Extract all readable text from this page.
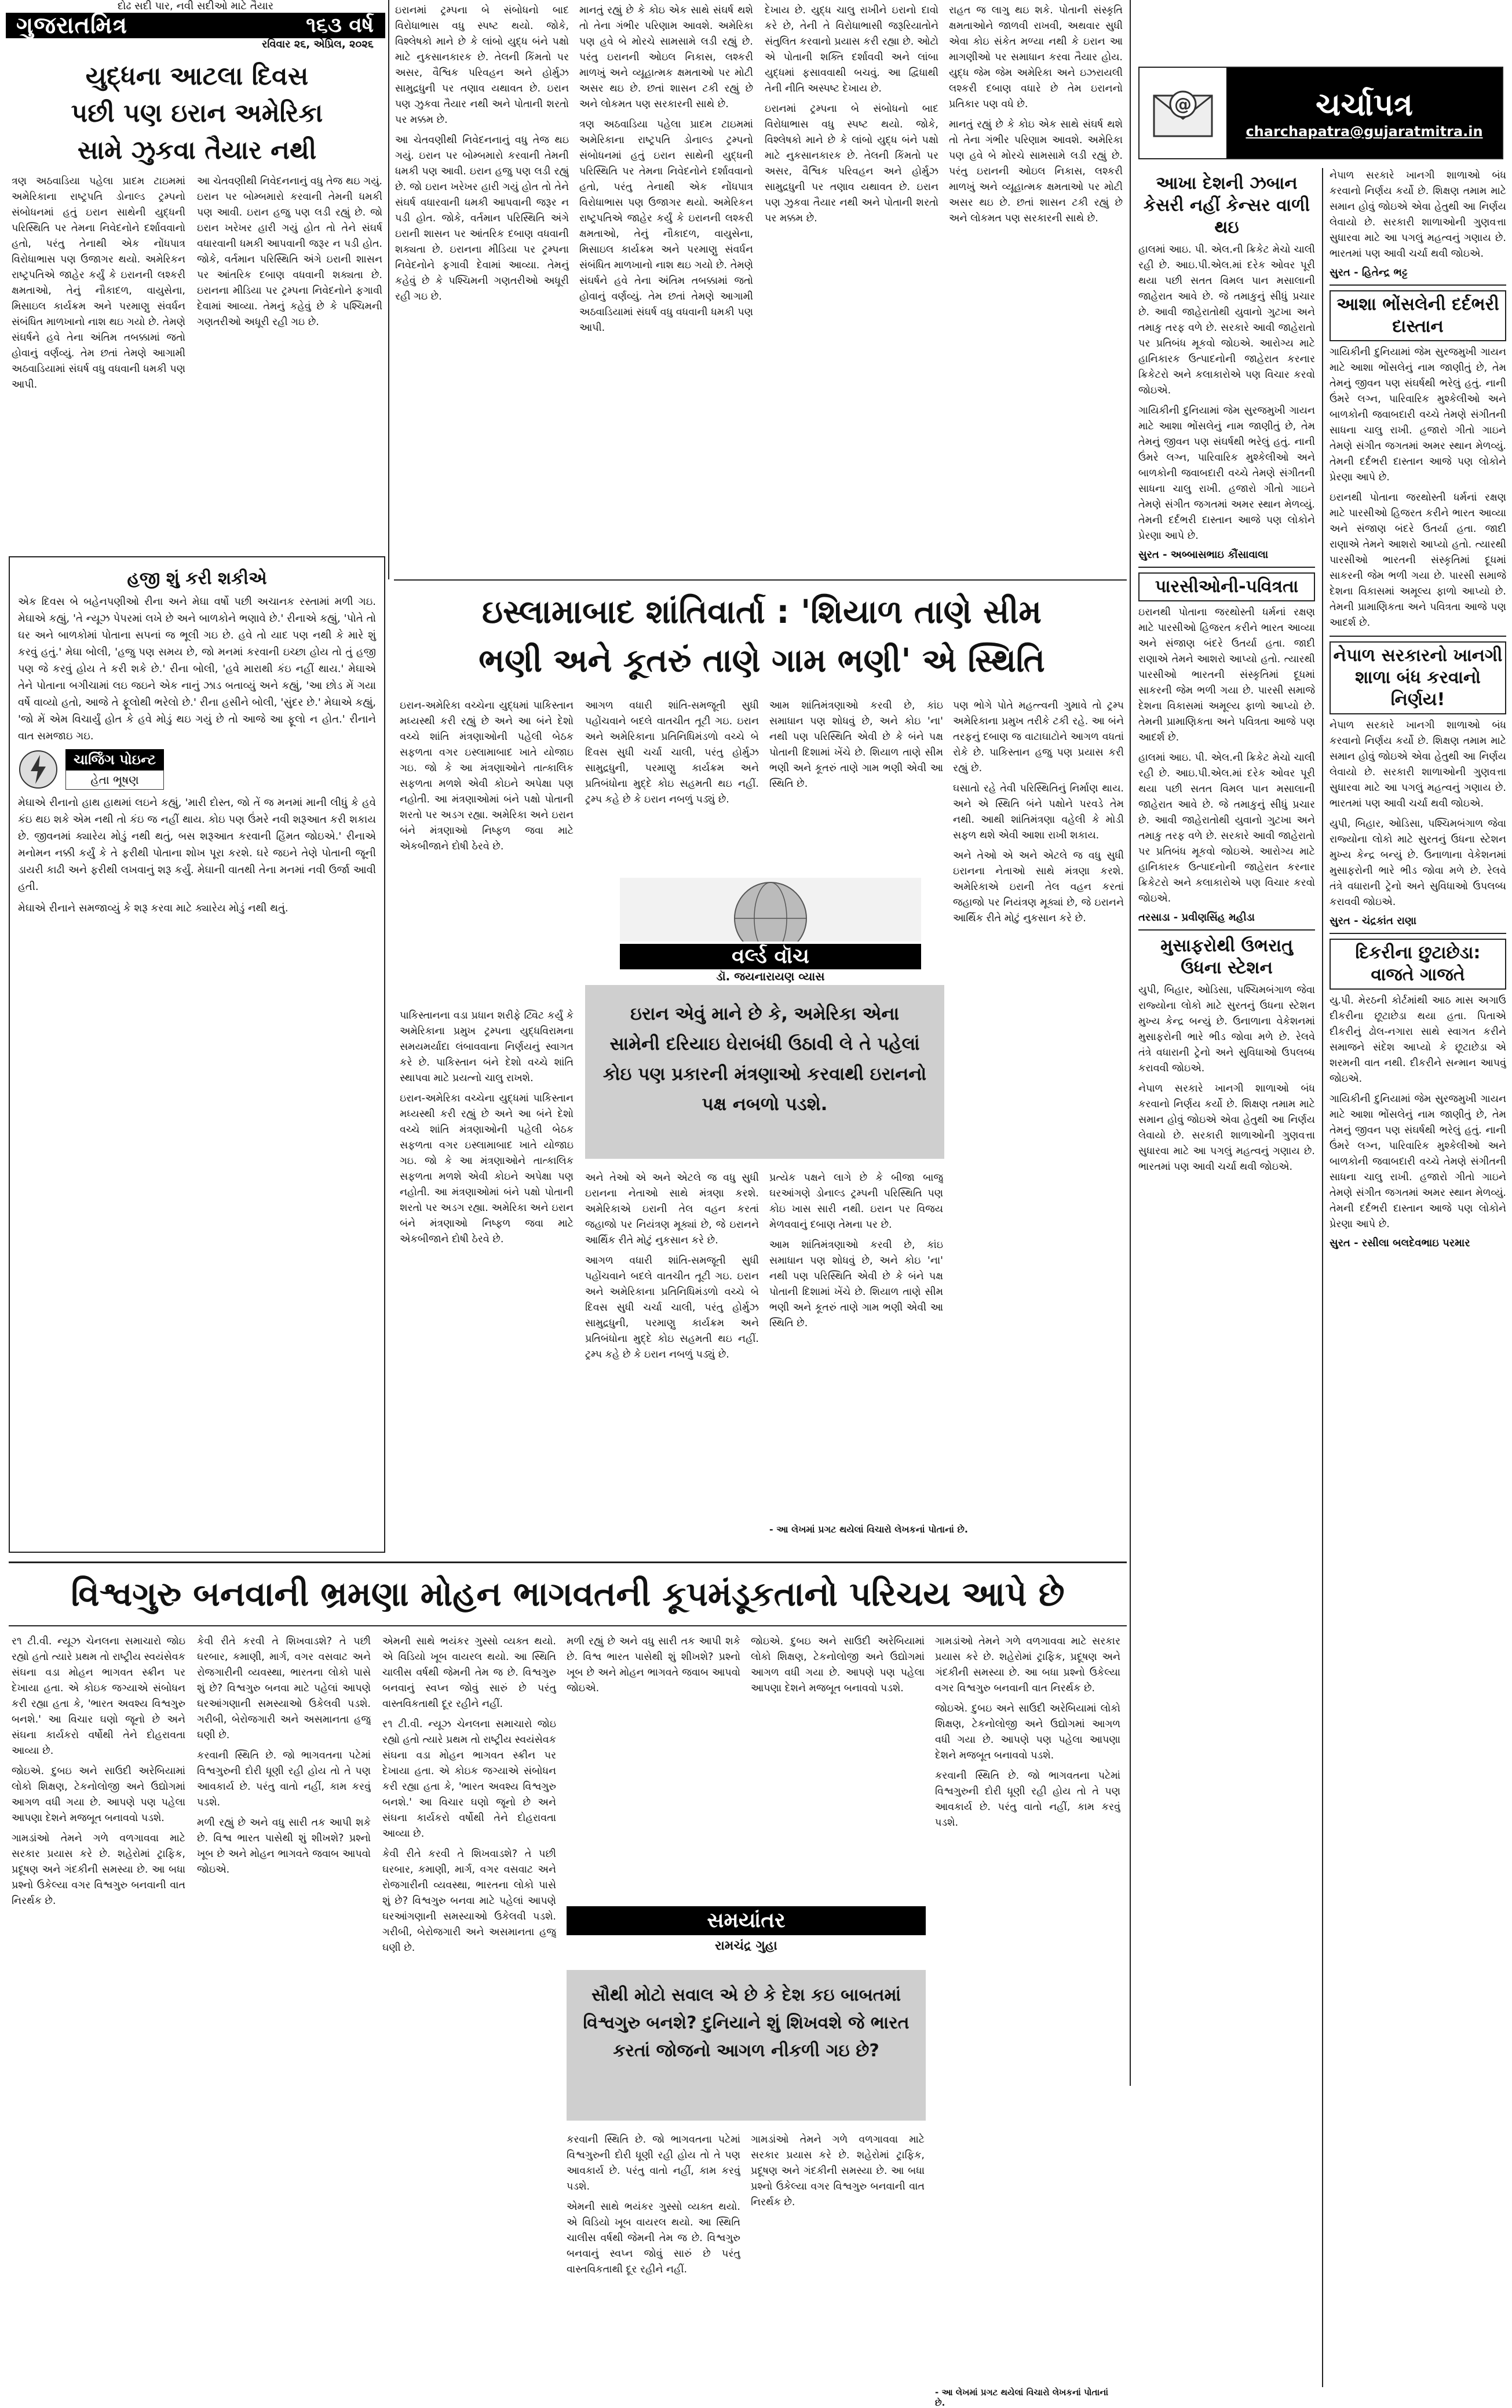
દોઢ સદી પાર, નવી સદીઓ માટે તૈયાર
ગુજરાતમિત્ર	૧૬૩ વર્ષ
રવિવાર ૨૬, એપ્રિલ, ૨૦૨૬
યુદ્ધના આટલા દિવસ
પછી પણ ઇરાન અમેરિકા
સામે ઝુકવા તૈયાર નથી

ત્રણ અઠવાડિયા પહેલા પ્રાદમ ટાઇમમાં અમેરિકાના રાષ્ટ્રપતિ ડોનાલ્ડ ટ્રમ્પનો સંબોધનમાં હતું ઇરાન સાથેની યુદ્ધની પરિસ્થિતિ પર તેમના નિવેદનોને દર્શાવવાનો હતો, પરંતુ તેનાથી એક નોંધપાત્ર વિરોધાભાસ પણ ઉજાગર થયો. અમેરિકન રાષ્ટ્રપતિએ જાહેર કર્યું કે ઇરાનની લશ્કરી ક્ષમતાઓ, તેનું નૌકાદળ, વાયુસેના, મિસાઇલ કાર્યક્રમ અને પરમાણુ સંવર્ધન સંબંધિત માળખાનો નાશ થઇ ગયો છે. તેમણે સંઘર્ષને હવે તેના અંતિમ તબક્કામાં જતો હોવાનું વર્ણવ્યું. તેમ છતાં તેમણે આગામી અઠવાડિયામાં સંઘર્ષ વધુ વધવાની ધમકી પણ આપી.

આ ચેતવણીથી નિવેદનનાનું વધુ તેજ થઇ ગયું. ઇરાન પર બોમ્બમારો કરવાની તેમની ધમકી પણ આવી. ઇરાન હજુ પણ લડી રહ્યું છે. જો ઇરાન ખરેખર હારી ગયું હોત તો તેને સંઘર્ષ વધારવાની ધમકી આપવાની જરૂર ન પડી હોત. જોકે, વર્તમાન પરિસ્થિતિ અંગે ઇરાની શાસન પર આંતરિક દબાણ વધવાની શક્યતા છે. ઇરાનના મીડિયા પર ટ્રમ્પના નિવેદનોને ફગાવી દેવામાં આવ્યા. તેમનું કહેવું છે કે પશ્ચિમની ગણતરીઓ અધૂરી રહી ગઇ છે.

ઇરાનમાં ટ્રમ્પના બે સંબોધનો બાદ વિરોધાભાસ વધુ સ્પષ્ટ થયો. જોકે, વિશ્લેષકો માને છે કે લાંબો યુદ્ધ બંને પક્ષો માટે નુકસાનકારક છે. તેલની કિંમતો પર અસર, વૈશ્વિક પરિવહન અને હોર્મુઝ સામુદ્રધુની પર તણાવ યથાવત છે. ઇરાન પણ ઝુકવા તૈયાર નથી અને પોતાની શરતો પર મક્કમ છે.

આ ચેતવણીથી નિવેદનનાનું વધુ તેજ થઇ ગયું. ઇરાન પર બોમ્બમારો કરવાની તેમની ધમકી પણ આવી. ઇરાન હજુ પણ લડી રહ્યું છે. જો ઇરાન ખરેખર હારી ગયું હોત તો તેને સંઘર્ષ વધારવાની ધમકી આપવાની જરૂર ન પડી હોત. જોકે, વર્તમાન પરિસ્થિતિ અંગે ઇરાની શાસન પર આંતરિક દબાણ વધવાની શક્યતા છે. ઇરાનના મીડિયા પર ટ્રમ્પના નિવેદનોને ફગાવી દેવામાં આવ્યા. તેમનું કહેવું છે કે પશ્ચિમની ગણતરીઓ અધૂરી રહી ગઇ છે.

માનતું રહ્યું છે કે કોઇ એક સાથે સંઘર્ષ થશે તો તેના ગંભીર પરિણામ આવશે. અમેરિકા પણ હવે બે મોરચે સામસામે લડી રહ્યું છે. પરંતુ ઇરાનની ઓઇલ નિકાસ, લશ્કરી માળખું અને વ્યૂહાત્મક ક્ષમતાઓ પર મોટી અસર થઇ છે. છતાં શાસન ટકી રહ્યું છે અને લોકમત પણ સરકારની સાથે છે.

ત્રણ અઠવાડિયા પહેલા પ્રાદમ ટાઇમમાં અમેરિકાના રાષ્ટ્રપતિ ડોનાલ્ડ ટ્રમ્પનો સંબોધનમાં હતું ઇરાન સાથેની યુદ્ધની પરિસ્થિતિ પર તેમના નિવેદનોને દર્શાવવાનો હતો, પરંતુ તેનાથી એક નોંધપાત્ર વિરોધાભાસ પણ ઉજાગર થયો. અમેરિકન રાષ્ટ્રપતિએ જાહેર કર્યું કે ઇરાનની લશ્કરી ક્ષમતાઓ, તેનું નૌકાદળ, વાયુસેના, મિસાઇલ કાર્યક્રમ અને પરમાણુ સંવર્ધન સંબંધિત માળખાનો નાશ થઇ ગયો છે. તેમણે સંઘર્ષને હવે તેના અંતિમ તબક્કામાં જતો હોવાનું વર્ણવ્યું. તેમ છતાં તેમણે આગામી અઠવાડિયામાં સંઘર્ષ વધુ વધવાની ધમકી પણ આપી.

દેખાય છે. યુદ્ધ ચાલુ રાખીને ઇરાનો દાવો કરે છે, તેની તે વિરોધાભાસી જરૂરિયાતોને સંતુલિત કરવાનો પ્રયાસ કરી રહ્યા છે. ઓટો એ પોતાની શક્તિ દર્શાવવી અને લાંબા યુદ્ધમાં ફસાવવાથી બચવું. આ દ્વિધાથી તેની નીતિ અસ્પષ્ટ દેખાય છે.

ઇરાનમાં ટ્રમ્પના બે સંબોધનો બાદ વિરોધાભાસ વધુ સ્પષ્ટ થયો. જોકે, વિશ્લેષકો માને છે કે લાંબો યુદ્ધ બંને પક્ષો માટે નુકસાનકારક છે. તેલની કિંમતો પર અસર, વૈશ્વિક પરિવહન અને હોર્મુઝ સામુદ્રધુની પર તણાવ યથાવત છે. ઇરાન પણ ઝુકવા તૈયાર નથી અને પોતાની શરતો પર મક્કમ છે.

રાહત જ લાગુ થઇ શકે. પોતાની સંસ્કૃતિ ક્ષમતાઓને જાળવી રાખવી, અથવાર સુધી એવા કોઇ સંકેત મળ્યા નથી કે ઇરાન આ માગણીઓ પર સમાધાન કરવા તૈયાર હોય. યુદ્ધ જેમ જેમ અમેરિકા અને ઇઝરાયલી લશ્કરી દબાણ વધારે છે તેમ ઇરાનનો પ્રતિકાર પણ વધે છે.

માનતું રહ્યું છે કે કોઇ એક સાથે સંઘર્ષ થશે તો તેના ગંભીર પરિણામ આવશે. અમેરિકા પણ હવે બે મોરચે સામસામે લડી રહ્યું છે. પરંતુ ઇરાનની ઓઇલ નિકાસ, લશ્કરી માળખું અને વ્યૂહાત્મક ક્ષમતાઓ પર મોટી અસર થઇ છે. છતાં શાસન ટકી રહ્યું છે અને લોકમત પણ સરકારની સાથે છે.

હજી શું કરી શકીએ

એક દિવસ બે બહેનપણીઓ રીના અને મેઘા વર્ષો પછી અચાનક રસ્તામાં મળી ગઇ. મેઘાએ કહ્યું, 'તે ન્યૂઝ પેપરમાં લખે છે અને બાળકોને ભણાવે છે.' રીનાએ કહ્યું, 'પોતે તો ઘર અને બાળકોમાં પોતાના સપનાં જ ભૂલી ગઇ છે. હવે તો યાદ પણ નથી કે મારે શું કરવું હતું.' મેઘા બોલી, 'હજુ પણ સમય છે, જો મનમાં કરવાની ઇચ્છા હોય તો તું હજી પણ જે કરવું હોય તે કરી શકે છે.' રીના બોલી, 'હવે મારાથી કંઇ નહીં થાય.' મેઘાએ તેને પોતાના બગીચામાં લઇ જઇને એક નાનું ઝાડ બતાવ્યું અને કહ્યું, 'આ છોડ મેં ગયા વર્ષે વાવ્યો હતો, આજે તે ફૂલોથી ભરેલો છે.' રીના હસીને બોલી, 'સુંદર છે.' મેઘાએ કહ્યું, 'જો મેં એમ વિચાર્યું હોત કે હવે મોડું થઇ ગયું છે તો આજે આ ફૂલો ન હોત.' રીનાને વાત સમજાઇ ગઇ.

ચાર્જિંગ પોઇન્ટ
હેતા ભૂષણ

મેઘાએ રીનાનો હાથ હાથમાં લઇને કહ્યું, 'મારી દોસ્ત, જો તેં જ મનમાં માની લીધું કે હવે કંઇ થઇ શકે એમ નથી તો કંઇ જ નહીં થાય. કોઇ પણ ઉંમરે નવી શરૂઆત કરી શકાય છે. જીવનમાં ક્યારેય મોડું નથી થતું, બસ શરૂઆત કરવાની હિંમત જોઇએ.' રીનાએ મનોમન નક્કી કર્યું કે તે ફરીથી પોતાના શોખ પૂરા કરશે. ઘરે જઇને તેણે પોતાની જૂની ડાયરી કાઢી અને ફરીથી લખવાનું શરૂ કર્યું. મેઘાની વાતથી તેના મનમાં નવી ઉર્જા આવી હતી.

મેઘાએ રીનાને સમજાવ્યું કે શરૂ કરવા માટે ક્યારેય મોડું નથી થતું.

ઇસ્લામાબાદ શાંતિવાર્તા : 'શિયાળ તાણે સીમ
ભણી અને કૂતરું તાણે ગામ ભણી' એ સ્થિતિ

ઇરાન-અમેરિકા વચ્ચેના યુદ્ધમાં પાકિસ્તાન મધ્યસ્થી કરી રહ્યું છે અને આ બંને દેશો વચ્ચે શાંતિ મંત્રણાઓની પહેલી બેઠક સફળતા વગર ઇસ્લામાબાદ ખાતે યોજાઇ ગઇ. જો કે આ મંત્રણાઓને તાત્કાલિક સફળતા મળશે એવી કોઇને અપેક્ષા પણ નહોતી. આ મંત્રણાઓમાં બંને પક્ષો પોતાની શરતો પર અડગ રહ્યા. અમેરિકા અને ઇરાન બંને મંત્રણાઓ નિષ્ફળ જવા માટે એકબીજાને દોષી ઠેરવે છે.

આગળ વધારી શાંતિ-સમજૂતી સુધી પહોંચવાને બદલે વાતચીત તૂટી ગઇ. ઇરાન અને અમેરિકાના પ્રતિનિધિમંડળો વચ્ચે બે દિવસ સુધી ચર્ચા ચાલી, પરંતુ હોર્મુઝ સામુદ્રધુની, પરમાણુ કાર્યક્રમ અને પ્રતિબંધોના મુદ્દે કોઇ સહમતી થઇ નહીં. ટ્રમ્પ કહે છે કે ઇરાન નબળું પડ્યું છે.

આમ શાંતિમંત્રણાઓ કરવી છે, કાંઇ સમાધાન પણ શોધવું છે, અને કોઇ 'ના' નથી પણ પરિસ્થિતિ એવી છે કે બંને પક્ષ પોતાની દિશામાં ખેંચે છે. શિયાળ તાણે સીમ ભણી અને કૂતરું તાણે ગામ ભણી એવી આ સ્થિતિ છે.

પણ ભોગે પોતે મહત્ત્વની ગુમાવે તો ટ્રમ્પ અમેરિકાના પ્રમુખ તરીકે ટકી રહે. આ બંને તરફનું દબાણ જ વાટાઘાટોને આગળ વધતાં રોકે છે. પાકિસ્તાન હજુ પણ પ્રયાસ કરી રહ્યું છે.

ઘસાતો રહે તેવી પરિસ્થિતિનું નિર્માણ થાય. અને એ સ્થિતિ બંને પક્ષોને પરવડે તેમ નથી. આથી શાંતિમંત્રણા વહેલી કે મોડી સફળ થશે એવી આશા રાખી શકાય.

અને તેઓ એ અને એટલે જ વધુ સુધી ઇરાનના નેતાઓ સાથે મંત્રણા કરશે. અમેરિકાએ ઇરાની તેલ વહન કરતાં જહાજો પર નિયંત્રણ મૂક્યાં છે, જે ઇરાનને આર્થિક રીતે મોટું નુકસાન કરે છે.

વર્લ્ડ વૉચ
ડૉ. જયનારાયણ વ્યાસ
ઇરાન એવું માને છે કે, અમેરિકા એના સામેની દરિયાઇ ઘેરાબંધી ઉઠાવી લે તે પહેલાં કોઇ પણ પ્રકારની મંત્રણાઓ કરવાથી ઇરાનનો પક્ષ નબળો પડશે.

પાકિસ્તાનના વડા પ્રધાન શરીફે ટ્વિટ કર્યું કે અમેરિકાના પ્રમુખ ટ્રમ્પના યુદ્ધવિરામના સમયમર્યાદા લંબાવવાના નિર્ણયનું સ્વાગત કરે છે. પાકિસ્તાન બંને દેશો વચ્ચે શાંતિ સ્થાપવા માટે પ્રયત્નો ચાલુ રાખશે.

ઇરાન-અમેરિકા વચ્ચેના યુદ્ધમાં પાકિસ્તાન મધ્યસ્થી કરી રહ્યું છે અને આ બંને દેશો વચ્ચે શાંતિ મંત્રણાઓની પહેલી બેઠક સફળતા વગર ઇસ્લામાબાદ ખાતે યોજાઇ ગઇ. જો કે આ મંત્રણાઓને તાત્કાલિક સફળતા મળશે એવી કોઇને અપેક્ષા પણ નહોતી. આ મંત્રણાઓમાં બંને પક્ષો પોતાની શરતો પર અડગ રહ્યા. અમેરિકા અને ઇરાન બંને મંત્રણાઓ નિષ્ફળ જવા માટે એકબીજાને દોષી ઠેરવે છે.

અને તેઓ એ અને એટલે જ વધુ સુધી ઇરાનના નેતાઓ સાથે મંત્રણા કરશે. અમેરિકાએ ઇરાની તેલ વહન કરતાં જહાજો પર નિયંત્રણ મૂક્યાં છે, જે ઇરાનને આર્થિક રીતે મોટું નુકસાન કરે છે.

આગળ વધારી શાંતિ-સમજૂતી સુધી પહોંચવાને બદલે વાતચીત તૂટી ગઇ. ઇરાન અને અમેરિકાના પ્રતિનિધિમંડળો વચ્ચે બે દિવસ સુધી ચર્ચા ચાલી, પરંતુ હોર્મુઝ સામુદ્રધુની, પરમાણુ કાર્યક્રમ અને પ્રતિબંધોના મુદ્દે કોઇ સહમતી થઇ નહીં. ટ્રમ્પ કહે છે કે ઇરાન નબળું પડ્યું છે.

પ્રત્યેક પક્ષને લાગે છે કે બીજા બાજુ ઘરઆંગણે ડોનાલ્ડ ટ્રમ્પની પરિસ્થિતિ પણ કોઇ ખાસ સારી નથી. ઇરાન પર વિજય મેળવવાનું દબાણ તેમના પર છે.

આમ શાંતિમંત્રણાઓ કરવી છે, કાંઇ સમાધાન પણ શોધવું છે, અને કોઇ 'ના' નથી પણ પરિસ્થિતિ એવી છે કે બંને પક્ષ પોતાની દિશામાં ખેંચે છે. શિયાળ તાણે સીમ ભણી અને કૂતરું તાણે ગામ ભણી એવી આ સ્થિતિ છે.

- આ લેખમાં પ્રગટ થયેલાં વિચારો લેખકનાં પોતાનાં છે.
વિશ્વગુરુ બનવાની ભ્રમણા મોહન ભાગવતની કૂપમંડૂકતાનો પરિચય આપે છે

ર૧ ટી.વી. ન્યૂઝ ચેનલના સમાચારો જોઇ રહ્યો હતો ત્યારે પ્રથમ તો રાષ્ટ્રીય સ્વયંસેવક સંઘના વડા મોહન ભાગવત સ્ક્રીન પર દેખાયા હતા. એ કોઇક જગ્યાએ સંબોધન કરી રહ્યા હતા કે, 'ભારત અવશ્ય વિશ્વગુરુ બનશે.' આ વિચાર ઘણો જૂનો છે અને સંઘના કાર્યકરો વર્ષોથી તેને દોહરાવતા આવ્યા છે.

જોઇએ. દુબઇ અને સાઉદી અરેબિયામાં લોકો શિક્ષણ, ટેકનોલોજી અને ઉદ્યોગમાં આગળ વધી ગયા છે. આપણે પણ પહેલા આપણા દેશને મજબૂત બનાવવો પડશે.

ગામડાંઓ તેમને ગળે વળગાવવા માટે સરકાર પ્રયાસ કરે છે. શહેરોમાં ટ્રાફિક, પ્રદૂષણ અને ગંદકીની સમસ્યા છે. આ બધા પ્રશ્નો ઉકેલ્યા વગર વિશ્વગુરુ બનવાની વાત નિરર્થક છે.

કેવી રીતે કરવી તે શિખવાડશે? તે પછી ઘરબાર, કમાણી, માર્ગ, વગર વસવાટ અને રોજગારીની વ્યવસ્થા, ભારતના લોકો પાસે શું છે? વિશ્વગુરુ બનવા માટે પહેલાં આપણે ઘરઆંગણાની સમસ્યાઓ ઉકેલવી પડશે. ગરીબી, બેરોજગારી અને અસમાનતા હજુ ઘણી છે.

કરવાની સ્થિતિ છે. જો ભાગવતના પટેમાં વિશ્વગુરુની દોરી ધૂણી રહી હોય તો તે પણ આવકાર્ય છે. પરંતુ વાતો નહીં, કામ કરવું પડશે.

મળી રહ્યું છે અને વધુ સારી તક આપી શકે છે. વિશ્વ ભારત પાસેથી શું શીખશે? પ્રશ્નો ખૂબ છે અને મોહન ભાગવતે જવાબ આપવો જોઇએ.

એમની સાથે ભયંકર ગુસ્સો વ્યક્ત થયો. એ વિડિયો ખૂબ વાયરલ થયો. આ સ્થિતિ ચાલીસ વર્ષથી જેમની તેમ જ છે. વિશ્વગુરુ બનવાનું સ્વપ્ન જોવું સારું છે પરંતુ વાસ્તવિકતાથી દૂર રહીને નહીં.

ર૧ ટી.વી. ન્યૂઝ ચેનલના સમાચારો જોઇ રહ્યો હતો ત્યારે પ્રથમ તો રાષ્ટ્રીય સ્વયંસેવક સંઘના વડા મોહન ભાગવત સ્ક્રીન પર દેખાયા હતા. એ કોઇક જગ્યાએ સંબોધન કરી રહ્યા હતા કે, 'ભારત અવશ્ય વિશ્વગુરુ બનશે.' આ વિચાર ઘણો જૂનો છે અને સંઘના કાર્યકરો વર્ષોથી તેને દોહરાવતા આવ્યા છે.

કેવી રીતે કરવી તે શિખવાડશે? તે પછી ઘરબાર, કમાણી, માર્ગ, વગર વસવાટ અને રોજગારીની વ્યવસ્થા, ભારતના લોકો પાસે શું છે? વિશ્વગુરુ બનવા માટે પહેલાં આપણે ઘરઆંગણાની સમસ્યાઓ ઉકેલવી પડશે. ગરીબી, બેરોજગારી અને અસમાનતા હજુ ઘણી છે.

મળી રહ્યું છે અને વધુ સારી તક આપી શકે છે. વિશ્વ ભારત પાસેથી શું શીખશે? પ્રશ્નો ખૂબ છે અને મોહન ભાગવતે જવાબ આપવો જોઇએ.

સમયાંતર
રામચંદ્ર ગુહા
સૌથી મોટો સવાલ એ છે કે દેશ કઇ બાબતમાં વિશ્વગુરુ બનશે? દુનિયાને શું શિખવશે જે ભારત કરતાં જોજનો આગળ નીકળી ગઇ છે?

જોઇએ. દુબઇ અને સાઉદી અરેબિયામાં લોકો શિક્ષણ, ટેકનોલોજી અને ઉદ્યોગમાં આગળ વધી ગયા છે. આપણે પણ પહેલા આપણા દેશને મજબૂત બનાવવો પડશે.

કરવાની સ્થિતિ છે. જો ભાગવતના પટેમાં વિશ્વગુરુની દોરી ધૂણી રહી હોય તો તે પણ આવકાર્ય છે. પરંતુ વાતો નહીં, કામ કરવું પડશે.

એમની સાથે ભયંકર ગુસ્સો વ્યક્ત થયો. એ વિડિયો ખૂબ વાયરલ થયો. આ સ્થિતિ ચાલીસ વર્ષથી જેમની તેમ જ છે. વિશ્વગુરુ બનવાનું સ્વપ્ન જોવું સારું છે પરંતુ વાસ્તવિકતાથી દૂર રહીને નહીં.

ગામડાંઓ તેમને ગળે વળગાવવા માટે સરકાર પ્રયાસ કરે છે. શહેરોમાં ટ્રાફિક, પ્રદૂષણ અને ગંદકીની સમસ્યા છે. આ બધા પ્રશ્નો ઉકેલ્યા વગર વિશ્વગુરુ બનવાની વાત નિરર્થક છે.

ગામડાંઓ તેમને ગળે વળગાવવા માટે સરકાર પ્રયાસ કરે છે. શહેરોમાં ટ્રાફિક, પ્રદૂષણ અને ગંદકીની સમસ્યા છે. આ બધા પ્રશ્નો ઉકેલ્યા વગર વિશ્વગુરુ બનવાની વાત નિરર્થક છે.

જોઇએ. દુબઇ અને સાઉદી અરેબિયામાં લોકો શિક્ષણ, ટેકનોલોજી અને ઉદ્યોગમાં આગળ વધી ગયા છે. આપણે પણ પહેલા આપણા દેશને મજબૂત બનાવવો પડશે.

કરવાની સ્થિતિ છે. જો ભાગવતના પટેમાં વિશ્વગુરુની દોરી ધૂણી રહી હોય તો તે પણ આવકાર્ય છે. પરંતુ વાતો નહીં, કામ કરવું પડશે.

- આ લેખમાં પ્રગટ થયેલાં વિચારો લેખકનાં પોતાનાં છે.
@	ચર્ચાપત્ર
charchapatra@gujaratmitra.in
આખા દેશની ઝબાન કેસરી નહીં કેન્સર વાળી થઇ

હાલમાં આઇ. પી. એલ.ની ક્રિકેટ મેચો ચાલી રહી છે. આઇ.પી.એલ.માં દરેક ઓવર પૂરી થયા પછી સતત વિમલ પાન મસાલાની જાહેરાત આવે છે. જે તમાકુનું સીધું પ્રચાર છે. આવી જાહેરાતોથી યુવાનો ગુટખા અને તમાકુ તરફ વળે છે. સરકારે આવી જાહેરાતો પર પ્રતિબંધ મૂકવો જોઇએ. આરોગ્ય માટે હાનિકારક ઉત્પાદનોની જાહેરાત કરનાર ક્રિકેટરો અને કલાકારોએ પણ વિચાર કરવો જોઇએ.

ગાયિકીની દુનિયામાં જેમ સુરજમુખી ગાયન માટે આશા ભોંસલેનું નામ જાણીતું છે, તેમ તેમનું જીવન પણ સંઘર્ષથી ભરેલું હતું. નાની ઉંમરે લગ્ન, પારિવારિક મુશ્કેલીઓ અને બાળકોની જવાબદારી વચ્ચે તેમણે સંગીતની સાધના ચાલુ રાખી. હજારો ગીતો ગાઇને તેમણે સંગીત જગતમાં અમર સ્થાન મેળવ્યું. તેમની દર્દભરી દાસ્તાન આજે પણ લોકોને પ્રેરણા આપે છે.

સુરત - અબ્બાસભાઇ કૌંસાવાલા
પારસીઓની-પવિત્રતા

ઇરાનથી પોતાના જરથોસ્તી ધર્મનાં રક્ષણ માટે પારસીઓ હિજરત કરીને ભારત આવ્યા અને સંજાણ બંદરે ઉતર્યા હતા. જાદી રાણાએ તેમને આશરો આપ્યો હતો. ત્યારથી પારસીઓ ભારતની સંસ્કૃતિમાં દૂધમાં સાકરની જેમ ભળી ગયા છે. પારસી સમાજે દેશના વિકાસમાં અમૂલ્ય ફાળો આપ્યો છે. તેમની પ્રામાણિકતા અને પવિત્રતા આજે પણ આદર્શ છે.

હાલમાં આઇ. પી. એલ.ની ક્રિકેટ મેચો ચાલી રહી છે. આઇ.પી.એલ.માં દરેક ઓવર પૂરી થયા પછી સતત વિમલ પાન મસાલાની જાહેરાત આવે છે. જે તમાકુનું સીધું પ્રચાર છે. આવી જાહેરાતોથી યુવાનો ગુટખા અને તમાકુ તરફ વળે છે. સરકારે આવી જાહેરાતો પર પ્રતિબંધ મૂકવો જોઇએ. આરોગ્ય માટે હાનિકારક ઉત્પાદનોની જાહેરાત કરનાર ક્રિકેટરો અને કલાકારોએ પણ વિચાર કરવો જોઇએ.

તરસાડા - પ્રવીણસિંહ મહીડા
મુસાફરોથી ઉભરાતુ ઉધના સ્ટેશન

યુપી, બિહાર, ઓડિસા, પશ્ચિમબંગાળ જેવા રાજ્યોના લોકો માટે સુરતનું ઉધના સ્ટેશન મુખ્ય કેન્દ્ર બન્યું છે. ઉનાળાના વેકેશનમાં મુસાફરોની ભારે ભીડ જોવા મળે છે. રેલવે તંત્રે વધારાની ટ્રેનો અને સુવિધાઓ ઉપલબ્ધ કરાવવી જોઇએ.

નેપાળ સરકારે ખાનગી શાળાઓ બંધ કરવાનો નિર્ણય કર્યો છે. શિક્ષણ તમામ માટે સમાન હોવું જોઇએ એવા હેતુથી આ નિર્ણય લેવાયો છે. સરકારી શાળાઓની ગુણવત્તા સુધારવા માટે આ પગલું મહત્વનું ગણાય છે. ભારતમાં પણ આવી ચર્ચા થવી જોઇએ.

નેપાળ સરકારે ખાનગી શાળાઓ બંધ કરવાનો નિર્ણય કર્યો છે. શિક્ષણ તમામ માટે સમાન હોવું જોઇએ એવા હેતુથી આ નિર્ણય લેવાયો છે. સરકારી શાળાઓની ગુણવત્તા સુધારવા માટે આ પગલું મહત્વનું ગણાય છે. ભારતમાં પણ આવી ચર્ચા થવી જોઇએ.

સુરત - હિતેન્દ્ર ભટ્ટ
આશા ભોંસલેની દર્દભરી દાસ્તાન

ગાયિકીની દુનિયામાં જેમ સુરજમુખી ગાયન માટે આશા ભોંસલેનું નામ જાણીતું છે, તેમ તેમનું જીવન પણ સંઘર્ષથી ભરેલું હતું. નાની ઉંમરે લગ્ન, પારિવારિક મુશ્કેલીઓ અને બાળકોની જવાબદારી વચ્ચે તેમણે સંગીતની સાધના ચાલુ રાખી. હજારો ગીતો ગાઇને તેમણે સંગીત જગતમાં અમર સ્થાન મેળવ્યું. તેમની દર્દભરી દાસ્તાન આજે પણ લોકોને પ્રેરણા આપે છે.

ઇરાનથી પોતાના જરથોસ્તી ધર્મનાં રક્ષણ માટે પારસીઓ હિજરત કરીને ભારત આવ્યા અને સંજાણ બંદરે ઉતર્યા હતા. જાદી રાણાએ તેમને આશરો આપ્યો હતો. ત્યારથી પારસીઓ ભારતની સંસ્કૃતિમાં દૂધમાં સાકરની જેમ ભળી ગયા છે. પારસી સમાજે દેશના વિકાસમાં અમૂલ્ય ફાળો આપ્યો છે. તેમની પ્રામાણિકતા અને પવિત્રતા આજે પણ આદર્શ છે.

નેપાળ સરકારનો ખાનગી શાળા બંધ કરવાનો નિર્ણય!

નેપાળ સરકારે ખાનગી શાળાઓ બંધ કરવાનો નિર્ણય કર્યો છે. શિક્ષણ તમામ માટે સમાન હોવું જોઇએ એવા હેતુથી આ નિર્ણય લેવાયો છે. સરકારી શાળાઓની ગુણવત્તા સુધારવા માટે આ પગલું મહત્વનું ગણાય છે. ભારતમાં પણ આવી ચર્ચા થવી જોઇએ.

યુપી, બિહાર, ઓડિસા, પશ્ચિમબંગાળ જેવા રાજ્યોના લોકો માટે સુરતનું ઉધના સ્ટેશન મુખ્ય કેન્દ્ર બન્યું છે. ઉનાળાના વેકેશનમાં મુસાફરોની ભારે ભીડ જોવા મળે છે. રેલવે તંત્રે વધારાની ટ્રેનો અને સુવિધાઓ ઉપલબ્ધ કરાવવી જોઇએ.

સુરત - ચંદ્રકાંત રાણા
દિકરીના છુટાછેડા: વાજતે ગાજતે

યુ.પી. મેરઠની કોર્ટમાંથી આઠ માસ અગાઉ દીકરીના છૂટાછેડા થયા હતા. પિતાએ દીકરીનું ઢોલ-નગારા સાથે સ્વાગત કરીને સમાજને સંદેશ આપ્યો કે છૂટાછેડા એ શરમની વાત નથી. દીકરીને સન્માન આપવું જોઇએ.

ગાયિકીની દુનિયામાં જેમ સુરજમુખી ગાયન માટે આશા ભોંસલેનું નામ જાણીતું છે, તેમ તેમનું જીવન પણ સંઘર્ષથી ભરેલું હતું. નાની ઉંમરે લગ્ન, પારિવારિક મુશ્કેલીઓ અને બાળકોની જવાબદારી વચ્ચે તેમણે સંગીતની સાધના ચાલુ રાખી. હજારો ગીતો ગાઇને તેમણે સંગીત જગતમાં અમર સ્થાન મેળવ્યું. તેમની દર્દભરી દાસ્તાન આજે પણ લોકોને પ્રેરણા આપે છે.

સુરત - રસીલા બલદેવભાઇ પરમાર
